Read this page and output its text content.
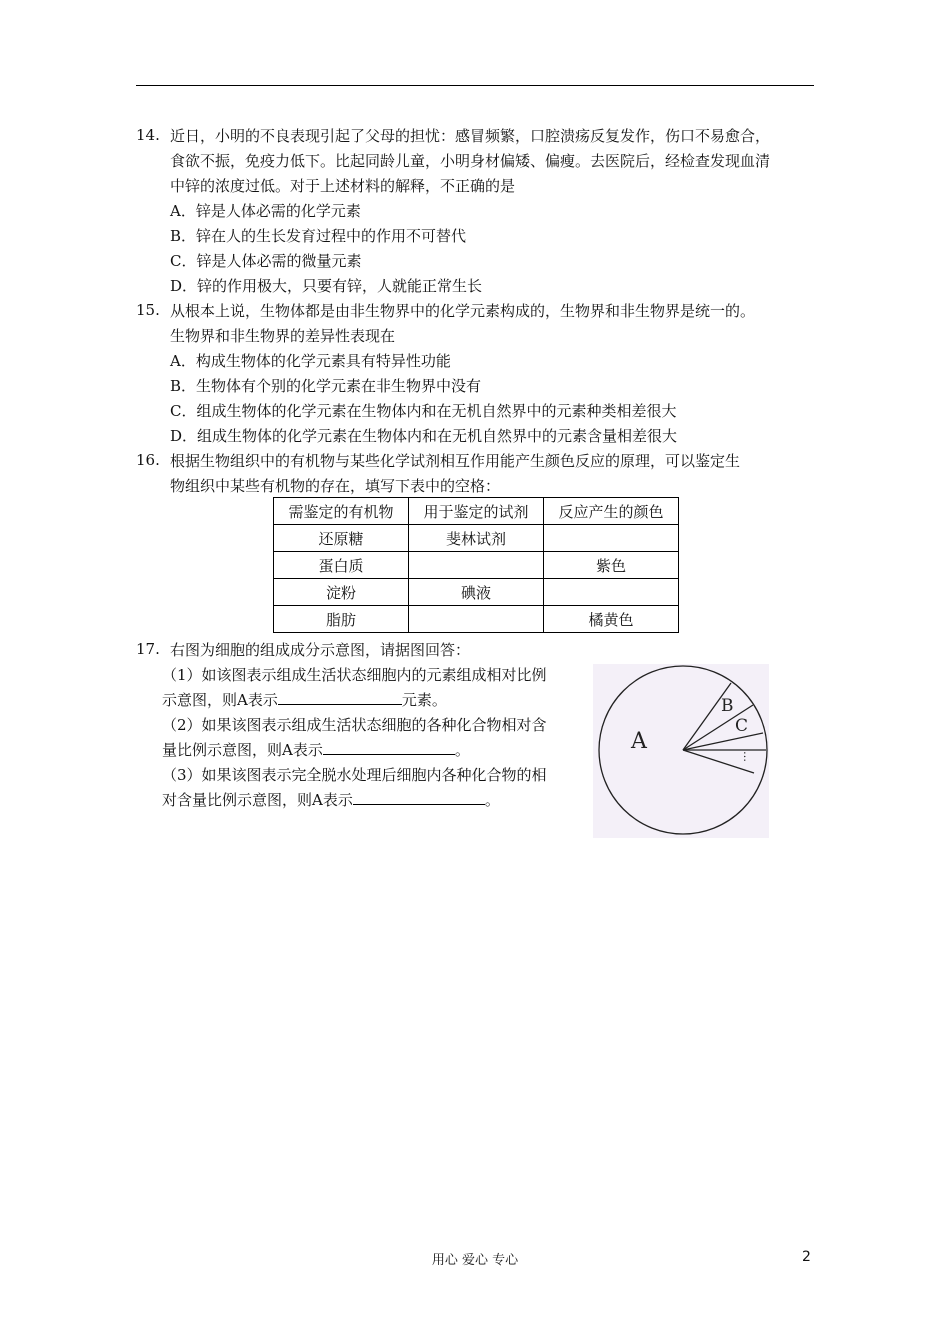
14. 近日，小明的不良表现引起了父母的担忧：感冒频繁，口腔溃疡反复发作，伤口不易愈合，
食欲不振，免疫力低下。比起同龄儿童，小明身材偏矮、偏瘦。去医院后，经检查发现血清
中锌的浓度过低。对于上述材料的解释，不正确的是
A．锌是人体必需的化学元素
B．锌在人的生长发育过程中的作用不可替代
C．锌是人体必需的微量元素
D．锌的作用极大，只要有锌，人就能正常生长
15. 从根本上说，生物体都是由非生物界中的化学元素构成的，生物界和非生物界是统一的。
生物界和非生物界的差异性表现在
A．构成生物体的化学元素具有特异性功能
B．生物体有个别的化学元素在非生物界中没有
C．组成生物体的化学元素在生物体内和在无机自然界中的元素种类相差很大
D．组成生物体的化学元素在生物体内和在无机自然界中的元素含量相差很大
16. 根据生物组织中的有机物与某些化学试剂相互作用能产生颜色反应的原理，可以鉴定生
物组织中某些有机物的存在，填写下表中的空格：
需鉴定的有机物	用于鉴定的试剂	反应产生的颜色
还原糖	斐林试剂	
蛋白质		紫色
淀粉	碘液	
脂肪		橘黄色
17. 右图为细胞的组成成分示意图，请据图回答：
（1）如该图表示组成生活状态细胞内的元素组成相对比例
示意图，则A表示	元素。
（2）如果该图表示组成生活状态细胞的各种化合物相对含
量比例示意图，则A表示	。
（3）如果该图表示完全脱水处理后细胞内各种化合物的相
对含量比例示意图，则A表示	。
A
B
C
…
用心 爱心 专心	2
